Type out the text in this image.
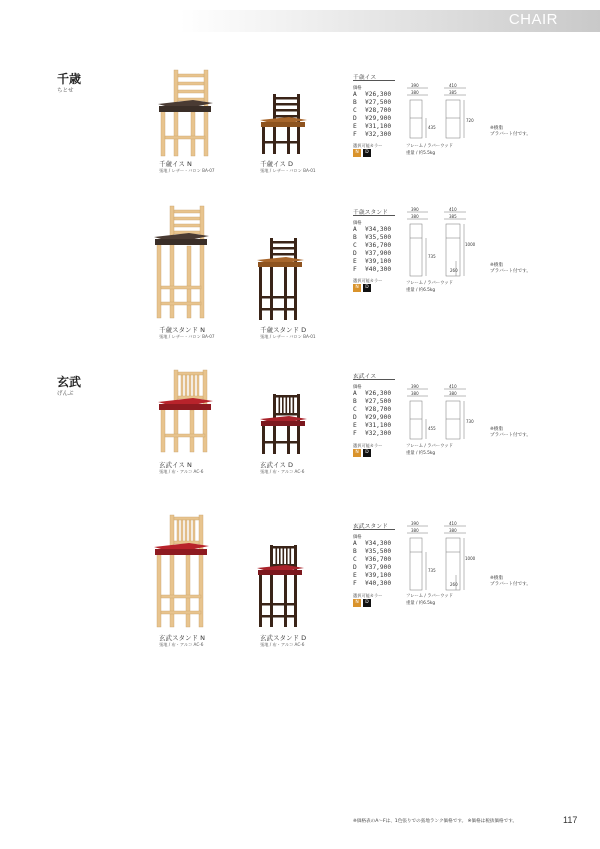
CHAIR
千歳
ちとせ
玄武
げんぶ
千歳イス N
張地 / レザー・バロン BA-07
千歳イス D
張地 / レザー・バロン BA-01
千歳イス
価格
A ¥26,300
B ¥27,500
C ¥28,700
D ¥29,900
E ¥31,100
F ¥32,300
選択可能カラー
N	D
フレーム / ラバーウッド
重量 / 約5.5kg
※樹脂
プラバート付です。
390	410
380	385
435
720
千歳スタンド N
張地 / レザー・バロン BA-07
千歳スタンド D
張地 / レザー・バロン BA-01
千歳スタンド
価格
A ¥34,300
B ¥35,500
C ¥36,700
D ¥37,900
E ¥39,100
F ¥40,300
選択可能カラー
N	D
フレーム / ラバーウッド
重量 / 約6.5kg
※樹脂
プラバート付です。
390	410
380	385
735
1000
260
玄武イス N
張地 / 布・アルコ AC-6
玄武イス D
張地 / 布・アルコ AC-6
玄武イス
価格
A ¥26,300
B ¥27,500
C ¥28,700
D ¥29,900
E ¥31,100
F ¥32,300
選択可能カラー
N	D
フレーム / ラバーウッド
重量 / 約5.5kg
※樹脂
プラバート付です。
390	410
380	380
455
730
玄武スタンド N
張地 / 布・アルコ AC-6
玄武スタンド D
張地 / 布・アルコ AC-6
玄武スタンド
価格
A ¥34,300
B ¥35,500
C ¥36,700
D ¥37,900
E ¥39,100
F ¥40,300
選択可能カラー
N	D
フレーム / ラバーウッド
重量 / 約6.5kg
※樹脂
プラバート付です。
390	410
380	380
735
1000
260
※価格表のA〜Fは、1色張りでの張地ランク価格です。 ※価格は税抜価格です。	117
